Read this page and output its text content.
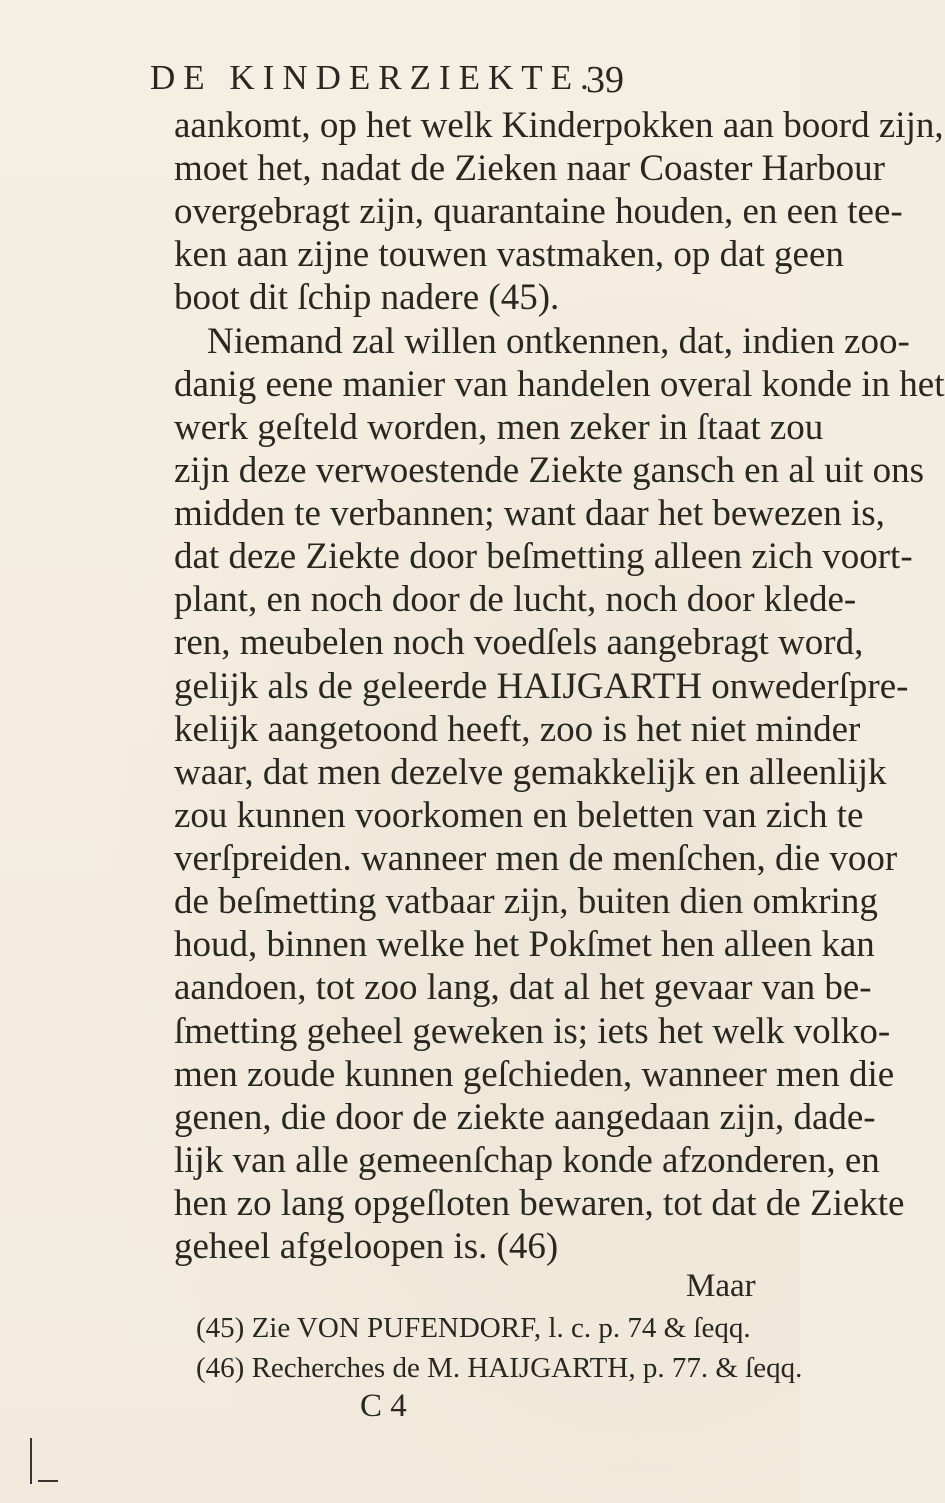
DE KINDERZIEKTE.
39
aankomt, op het welk Kinderpokken aan boord zijn,
moet het, nadat de Zieken naar Coaster Harbour
overgebragt zijn, quarantaine houden, en een tee-
ken aan zijne touwen vastmaken, op dat geen
boot dit ſchip nadere (45).
Niemand zal willen ontkennen, dat, indien zoo-
danig eene manier van handelen overal konde in het
werk geſteld worden, men zeker in ſtaat zou
zijn deze verwoestende Ziekte gansch en al uit ons
midden te verbannen; want daar het bewezen is,
dat deze Ziekte door beſmetting alleen zich voort-
plant, en noch door de lucht, noch door klede-
ren, meubelen noch voedſels aangebragt word,
gelijk als de geleerde HAIJGARTH onwederſpre-
kelijk aangetoond heeft, zoo is het niet minder
waar, dat men dezelve gemakkelijk en alleenlijk
zou kunnen voorkomen en beletten van zich te
verſpreiden. wanneer men de menſchen, die voor
de beſmetting vatbaar zijn, buiten dien omkring
houd, binnen welke het Pokſmet hen alleen kan
aandoen, tot zoo lang, dat al het gevaar van be-
ſmetting geheel geweken is; iets het welk volko-
men zoude kunnen geſchieden, wanneer men die
genen, die door de ziekte aangedaan zijn, dade-
lijk van alle gemeenſchap konde afzonderen, en
hen zo lang opgeſloten bewaren, tot dat de Ziekte
geheel afgeloopen is. (46)
Maar
(45) Zie VON PUFENDORF, l. c. p. 74 & ſeqq.
(46) Recherches de M. HAIJGARTH, p. 77. & ſeqq.
C 4
